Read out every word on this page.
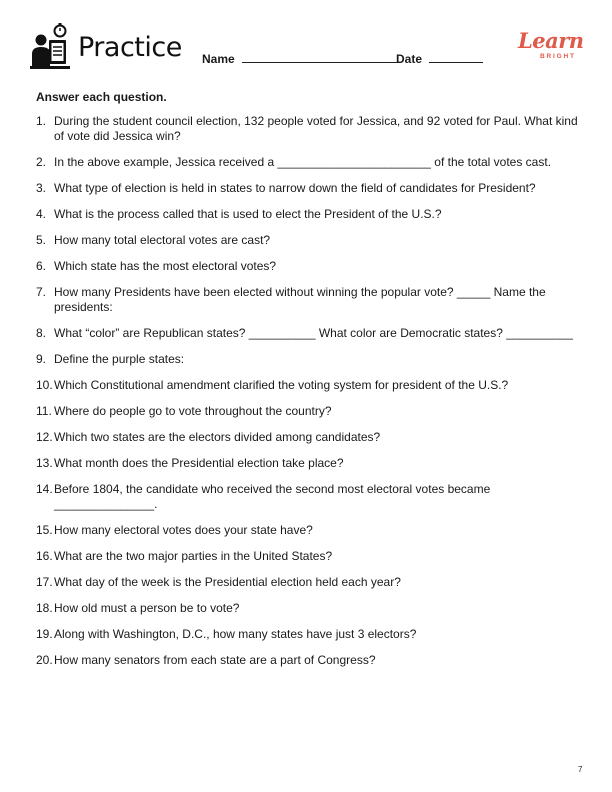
Practice Name	Date
Learn
BRIGHT
Answer each question.
1. During the student council election, 132 people voted for Jessica, and 92 voted for Paul. What kind of vote did Jessica win?
2. In the above example, Jessica received a _______________________ of the total votes cast.
3. What type of election is held in states to narrow down the field of candidates for President?
4. What is the process called that is used to elect the President of the U.S.?
5. How many total electoral votes are cast?
6. Which state has the most electoral votes?
7. How many Presidents have been elected without winning the popular vote? _____ Name the presidents:
8. What “color” are Republican states? __________ What color are Democratic states? __________
9. Define the purple states:
10. Which Constitutional amendment clarified the voting system for president of the U.S.?
11. Where do people go to vote throughout the country?
12. Which two states are the electors divided among candidates?
13. What month does the Presidential election take place?
14. Before 1804, the candidate who received the second most electoral votes became _______________.
15. How many electoral votes does your state have?
16. What are the two major parties in the United States?
17. What day of the week is the Presidential election held each year?
18. How old must a person be to vote?
19. Along with Washington, D.C., how many states have just 3 electors?
20. How many senators from each state are a part of Congress?
7
